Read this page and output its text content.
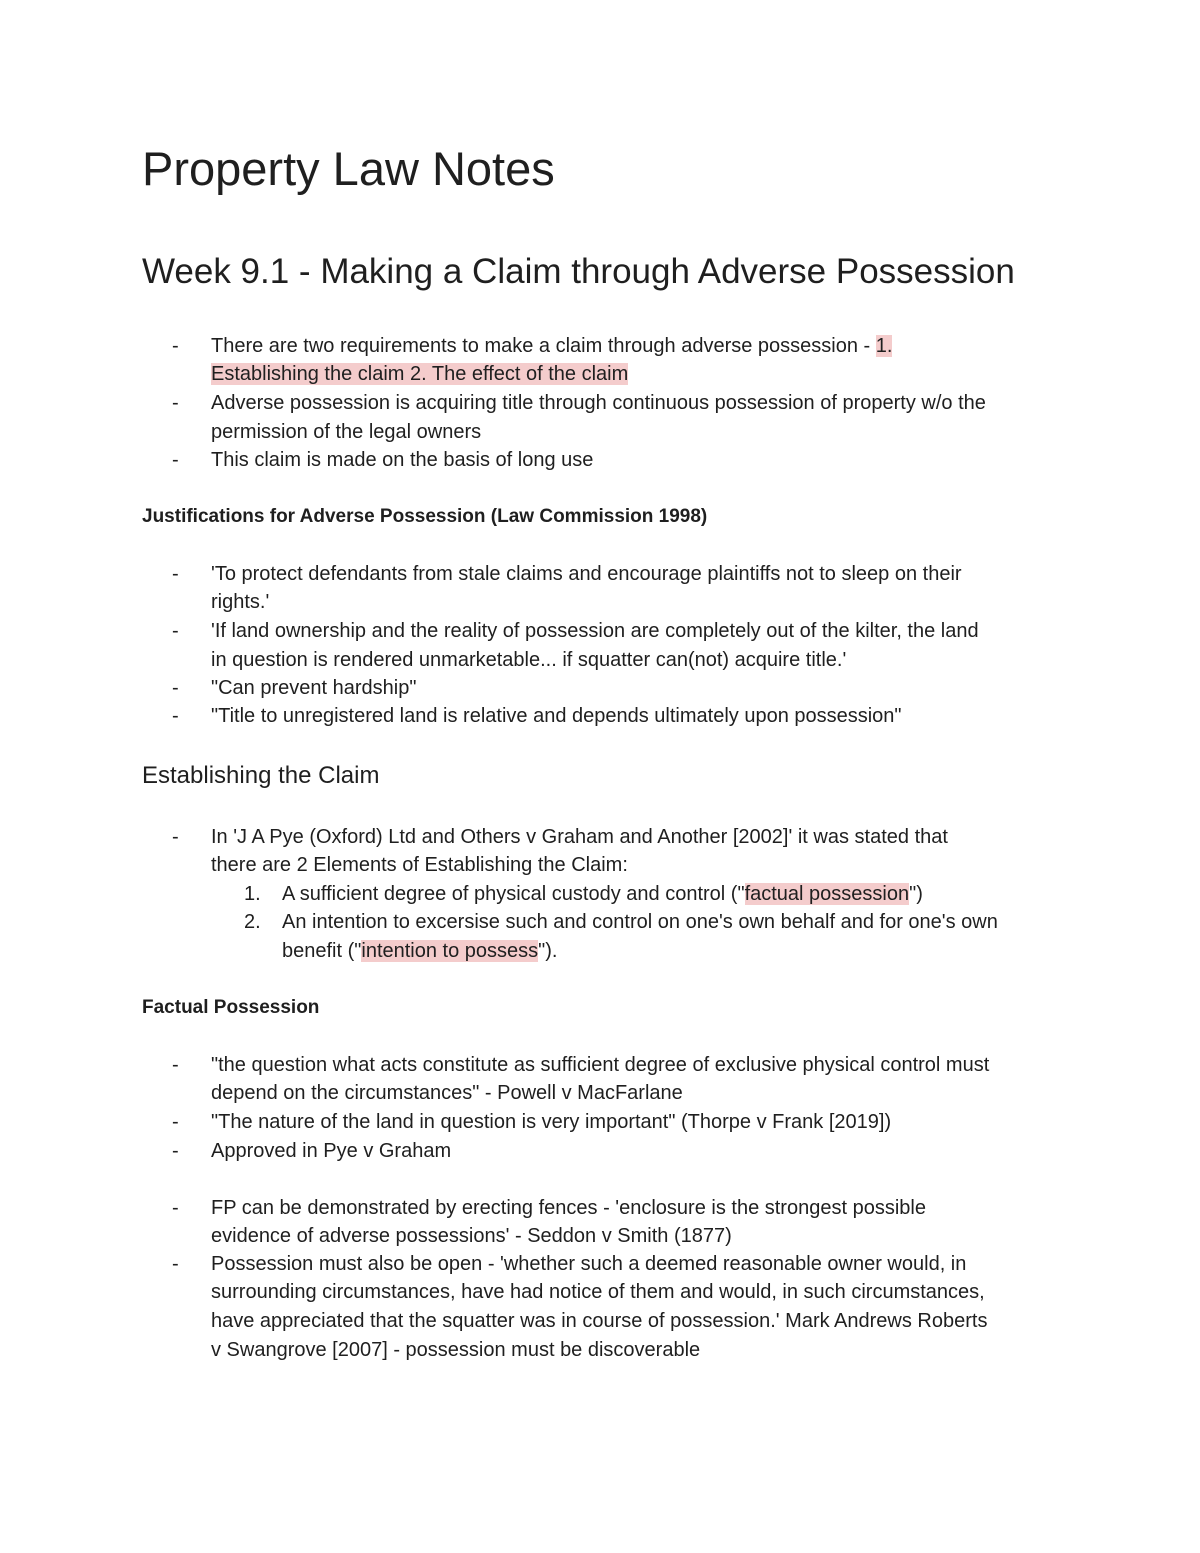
Property Law Notes
Week 9.1 - Making a Claim through Adverse Possession
- There are two requirements to make a claim through adverse possession - 1.
Establishing the claim 2. The effect of the claim
- Adverse possession is acquiring title through continuous possession of property w/o the
permission of the legal owners
- This claim is made on the basis of long use
Justifications for Adverse Possession (Law Commission 1998)
- 'To protect defendants from stale claims and encourage plaintiffs not to sleep on their
rights.'
- 'If land ownership and the reality of possession are completely out of the kilter, the land
in question is rendered unmarketable... if squatter can(not) acquire title.'
- "Can prevent hardship"
- "Title to unregistered land is relative and depends ultimately upon possession"
Establishing the Claim
- In 'J A Pye (Oxford) Ltd and Others v Graham and Another [2002]' it was stated that
there are 2 Elements of Establishing the Claim:
1. A sufficient degree of physical custody and control ("factual possession")
2. An intention to excersise such and control on one's own behalf and for one's own
benefit ("intention to possess").
Factual Possession
- "the question what acts constitute as sufficient degree of exclusive physical control must
depend on the circumstances" - Powell v MacFarlane
- "The nature of the land in question is very important" (Thorpe v Frank [2019])
- Approved in Pye v Graham
- FP can be demonstrated by erecting fences - 'enclosure is the strongest possible
evidence of adverse possessions' - Seddon v Smith (1877)
- Possession must also be open - 'whether such a deemed reasonable owner would, in
surrounding circumstances, have had notice of them and would, in such circumstances,
have appreciated that the squatter was in course of possession.' Mark Andrews Roberts
v Swangrove [2007] - possession must be discoverable
